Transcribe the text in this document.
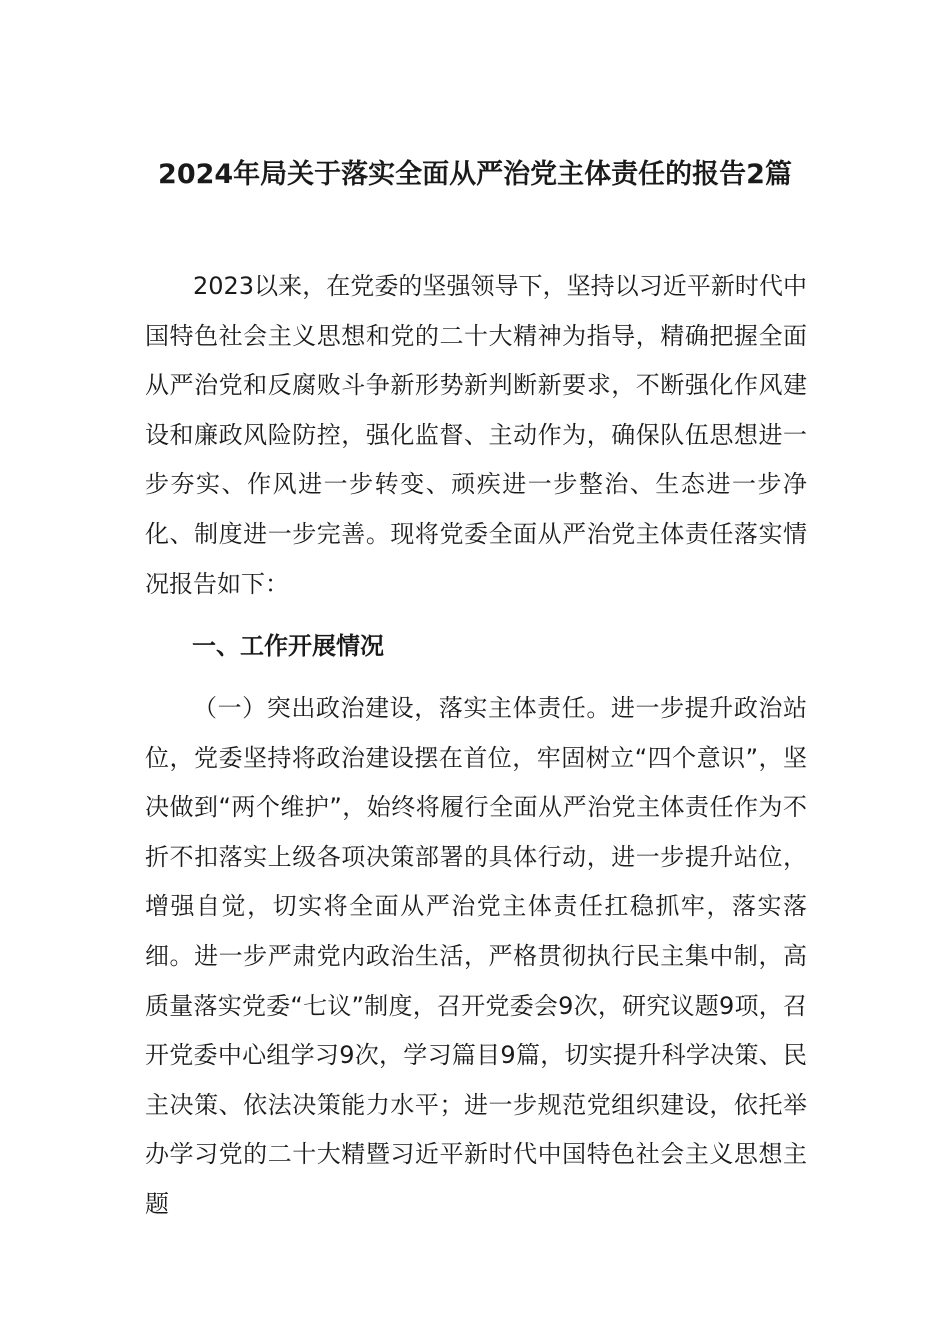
2024年局关于落实全面从严治党主体责任的报告2篇

2023以来，在党委的坚强领导下，坚持以习近平新时代中国特色社会主义思想和党的二十大精神为指导，精确把握全面从严治党和反腐败斗争新形势新判断新要求，不断强化作风建设和廉政风险防控，强化监督、主动作为，确保队伍思想进一步夯实、作风进一步转变、顽疾进一步整治、生态进一步净化、制度进一步完善。现将党委全面从严治党主体责任落实情况报告如下：

一、工作开展情况

（一）突出政治建设，落实主体责任。进一步提升政治站位，党委坚持将政治建设摆在首位，牢固树立“四个意识”，坚决做到“两个维护”，始终将履行全面从严治党主体责任作为不折不扣落实上级各项决策部署的具体行动，进一步提升站位，增强自觉，切实将全面从严治党主体责任扛稳抓牢，落实落细。进一步严肃党内政治生活，严格贯彻执行民主集中制，高质量落实党委“七议”制度，召开党委会9次，研究议题9项，召开党委中心组学习9次，学习篇目9篇，切实提升科学决策、民主决策、依法决策能力水平；进一步规范党组织建设，依托举办学习党的二十大精暨习近平新时代中国特色社会主义思想主题
